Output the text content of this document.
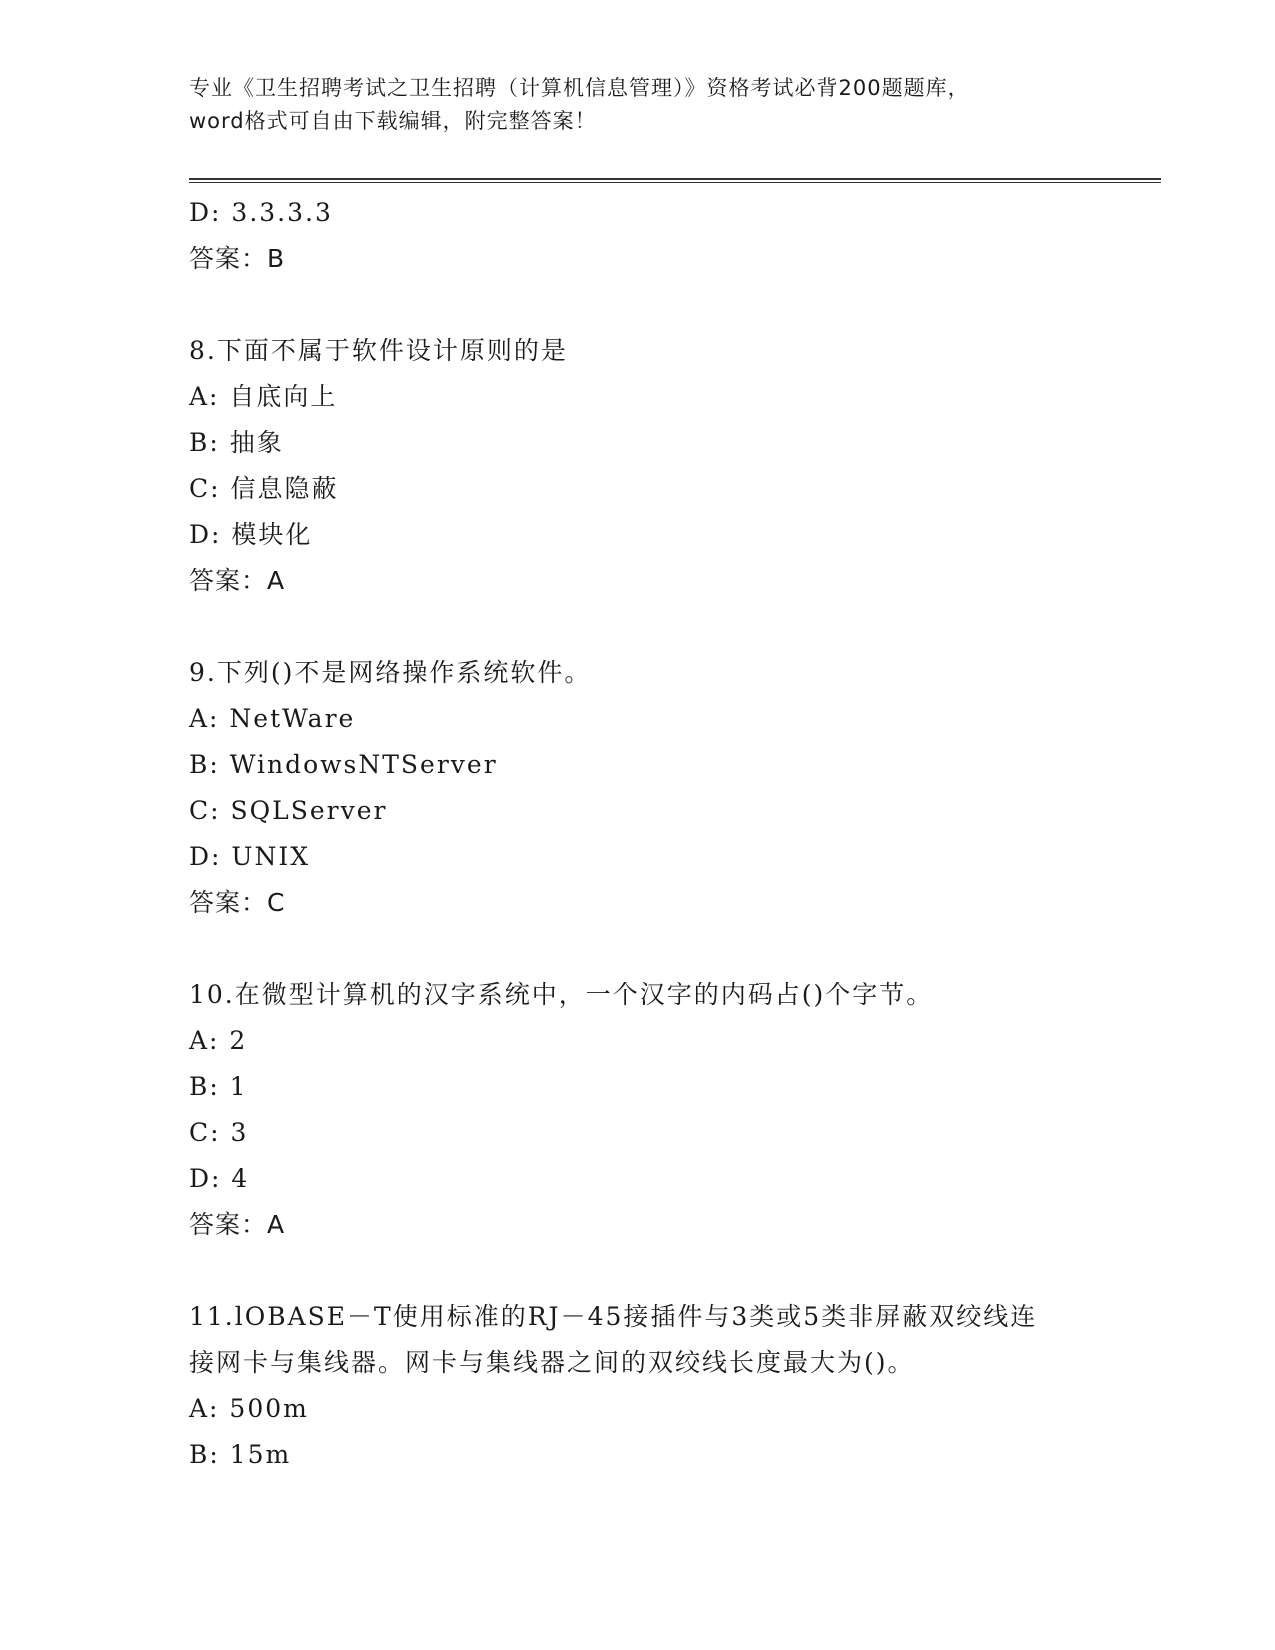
专业《卫生招聘考试之卫生招聘（计算机信息管理）》资格考试必背200题题库，
word格式可自由下载编辑，附完整答案！
D: 3.3.3.3
答案：B
8.下面不属于软件设计原则的是
A: 自底向上
B: 抽象
C: 信息隐蔽
D: 模块化
答案：A
9.下列()不是网络操作系统软件。
A: NetWare
B: WindowsNTServer
C: SQLServer
D: UNIX
答案：C
10.在微型计算机的汉字系统中，一个汉字的内码占()个字节。
A: 2
B: 1
C: 3
D: 4
答案：A
11.lOBASE－T使用标准的RJ－45接插件与3类或5类非屏蔽双绞线连
接网卡与集线器。网卡与集线器之间的双绞线长度最大为()。
A: 500m
B: 15m
